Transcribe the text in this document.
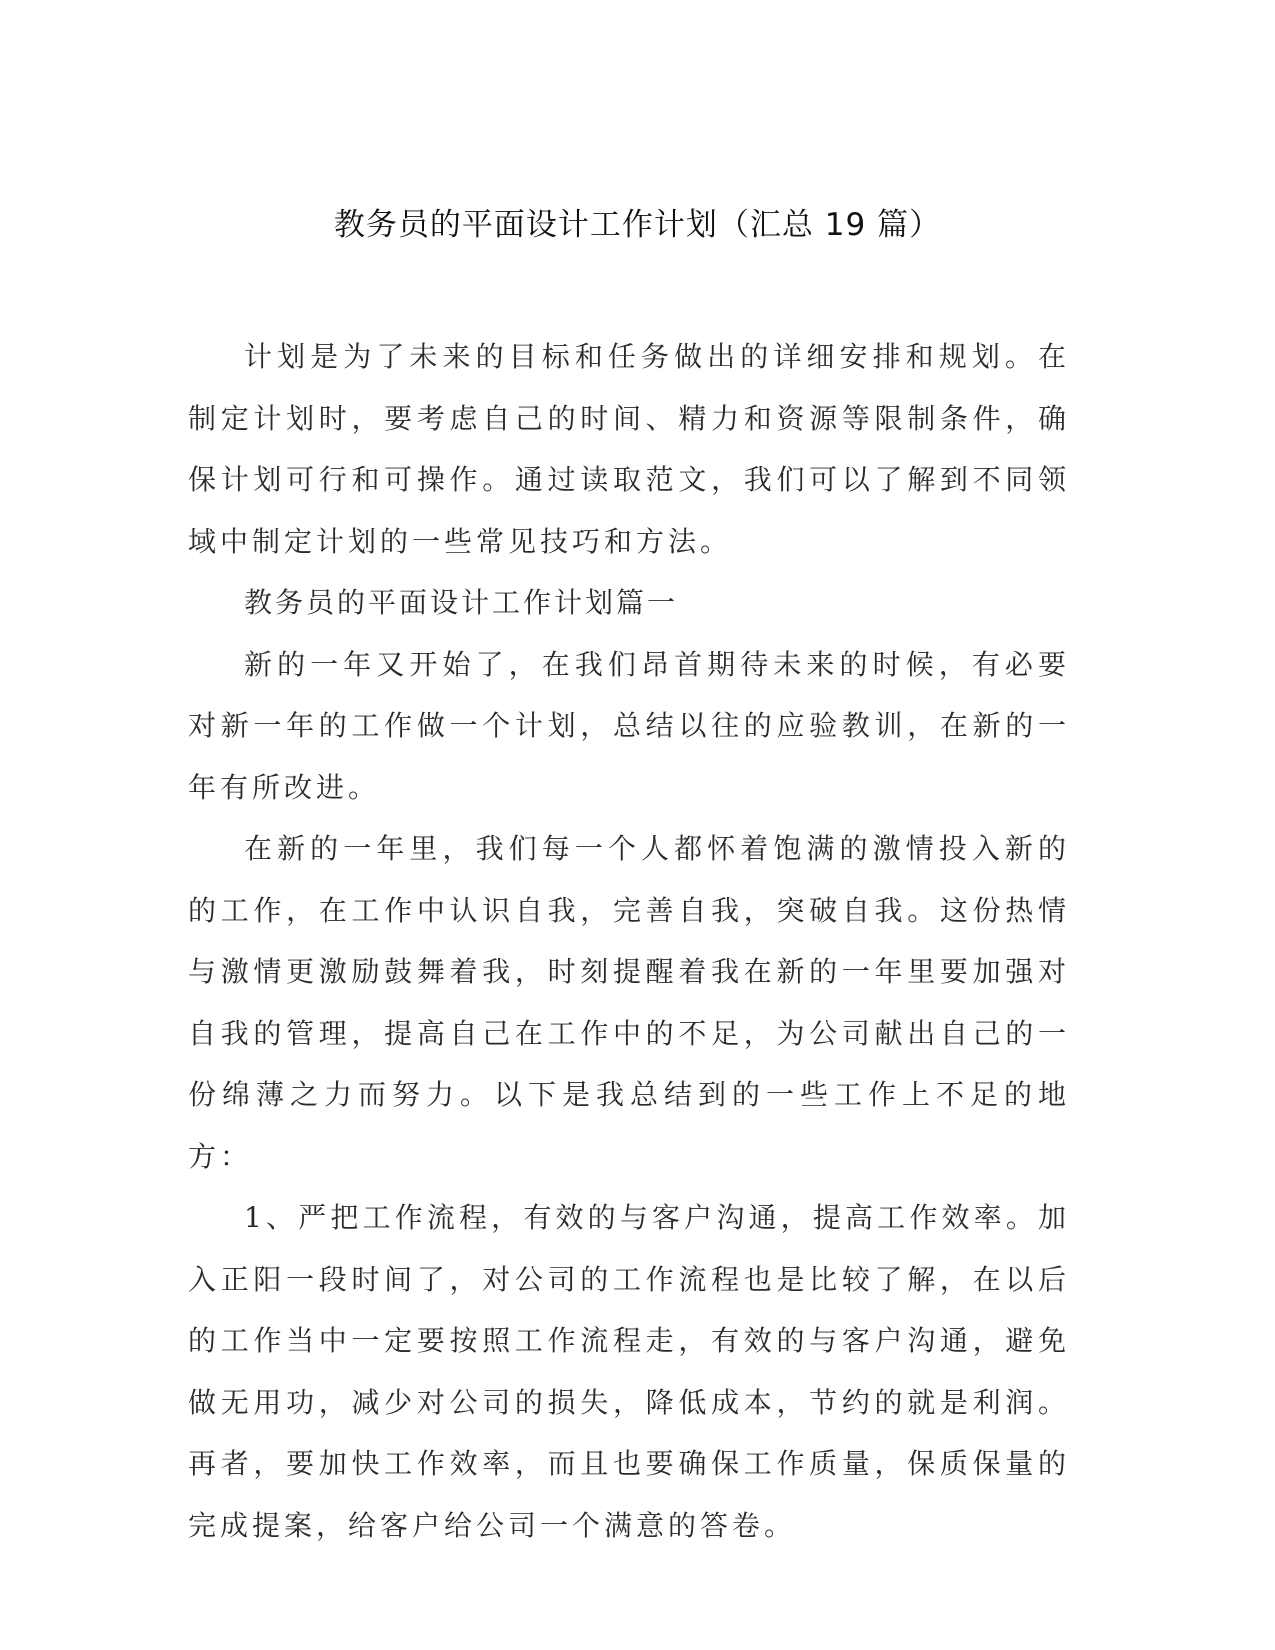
教务员的平面设计工作计划（汇总 19 篇）

计划是为了未来的目标和任务做出的详细安排和规划。在制定计划时，要考虑自己的时间、精力和资源等限制条件，确保计划可行和可操作。通过读取范文，我们可以了解到不同领域中制定计划的一些常见技巧和方法。

教务员的平面设计工作计划篇一

新的一年又开始了，在我们昂首期待未来的时候，有必要对新一年的工作做一个计划，总结以往的应验教训，在新的一年有所改进。

在新的一年里，我们每一个人都怀着饱满的激情投入新的的工作，在工作中认识自我，完善自我，突破自我。这份热情与激情更激励鼓舞着我，时刻提醒着我在新的一年里要加强对自我的管理，提高自己在工作中的不足，为公司献出自己的一份绵薄之力而努力。以下是我总结到的一些工作上不足的地方：

1、严把工作流程，有效的与客户沟通，提高工作效率。加入正阳一段时间了，对公司的工作流程也是比较了解，在以后的工作当中一定要按照工作流程走，有效的与客户沟通，避免做无用功，减少对公司的损失，降低成本，节约的就是利润。再者，要加快工作效率，而且也要确保工作质量，保质保量的完成提案，给客户给公司一个满意的答卷。
